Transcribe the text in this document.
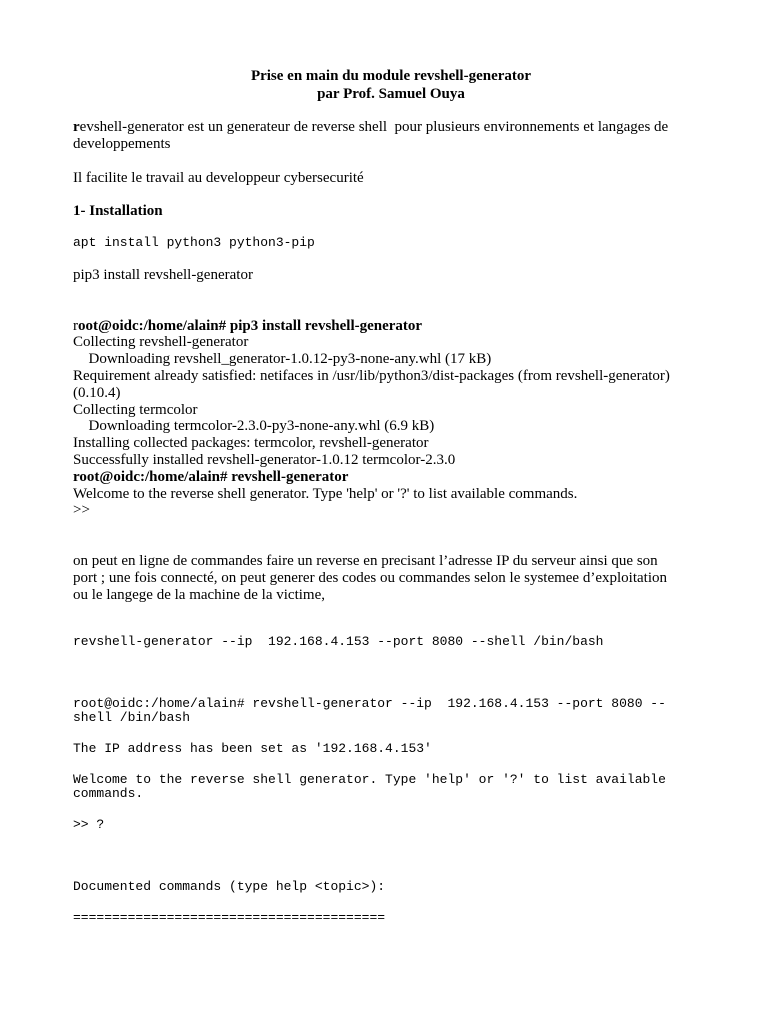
Prise en main du module revshell-generator
par Prof. Samuel Ouya
revshell-generator est un generateur de reverse shell  pour plusieurs environnements et langages de
developpements
Il facilite le travail au developpeur cybersecurité
1- Installation
apt install python3 python3-pip
pip3 install revshell-generator
root@oidc:/home/alain# pip3 install revshell-generator
Collecting revshell-generator
Downloading revshell_generator-1.0.12-py3-none-any.whl (17 kB)
Requirement already satisfied: netifaces in /usr/lib/python3/dist-packages (from revshell-generator)
(0.10.4)
Collecting termcolor
Downloading termcolor-2.3.0-py3-none-any.whl (6.9 kB)
Installing collected packages: termcolor, revshell-generator
Successfully installed revshell-generator-1.0.12 termcolor-2.3.0
root@oidc:/home/alain# revshell-generator
Welcome to the reverse shell generator. Type 'help' or '?' to list available commands.
>>
on peut en ligne de commandes faire un reverse en precisant l’adresse IP du serveur ainsi que son
port ; une fois connecté, on peut generer des codes ou commandes selon le systemee d’exploitation
ou le langege de la machine de la victime,
revshell-generator --ip  192.168.4.153 --port 8080 --shell /bin/bash
root@oidc:/home/alain# revshell-generator --ip  192.168.4.153 --port 8080 --
shell /bin/bash
The IP address has been set as '192.168.4.153'
Welcome to the reverse shell generator. Type 'help' or '?' to list available
commands.
>> ?
Documented commands (type help <topic>):
========================================
